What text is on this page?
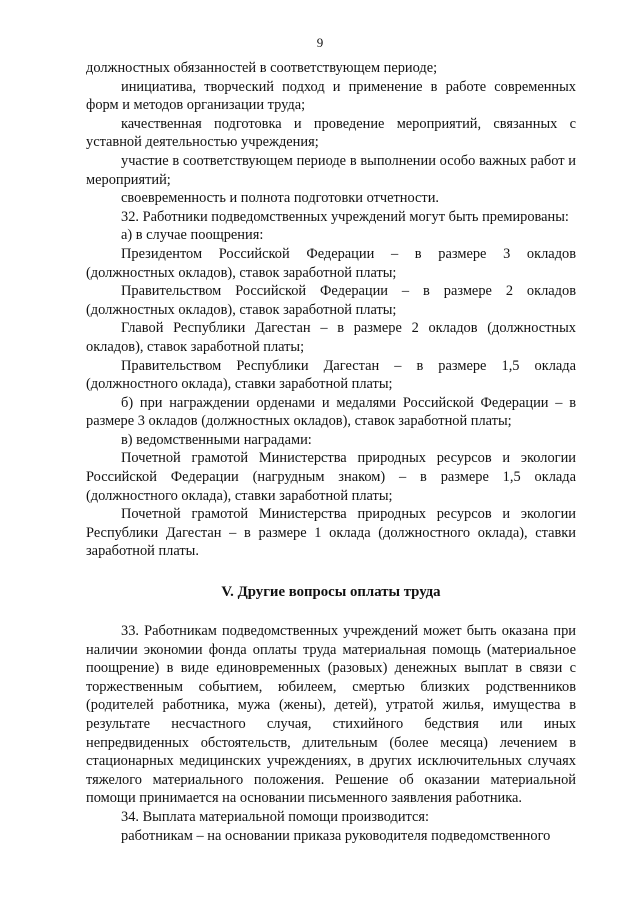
9

должностных обязанностей в соответствующем периоде;

инициатива, творческий подход и применение в работе современных форм и методов организации труда;

качественная подготовка и проведение мероприятий, связанных с уставной деятельностью учреждения;

участие в соответствующем периоде в выполнении особо важных работ и мероприятий;

своевременность и полнота подготовки отчетности.

32. Работники подведомственных учреждений могут быть премированы:

а) в случае поощрения:

Президентом Российской Федерации – в размере 3 окладов (должностных окладов), ставок заработной платы;

Правительством Российской Федерации – в размере 2 окладов (должностных окладов), ставок заработной платы;

Главой Республики Дагестан – в размере 2 окладов (должностных окладов), ставок заработной платы;

Правительством Республики Дагестан – в размере 1,5 оклада (должностного оклада), ставки заработной платы;

б) при награждении орденами и медалями Российской Федерации – в размере 3 окладов (должностных окладов), ставок заработной платы;

в) ведомственными наградами:

Почетной грамотой Министерства природных ресурсов и экологии Российской Федерации (нагрудным знаком) – в размере 1,5 оклада (должностного оклада), ставки заработной платы;

Почетной грамотой Министерства природных ресурсов и экологии Республики Дагестан – в размере 1 оклада (должностного оклада), ставки заработной платы.

V. Другие вопросы оплаты труда

33. Работникам подведомственных учреждений может быть оказана при наличии экономии фонда оплаты труда материальная помощь (материальное поощрение) в виде единовременных (разовых) денежных выплат в связи с торжественным событием, юбилеем, смертью близких родственников (родителей работника, мужа (жены), детей), утратой жилья, имущества в результате несчастного случая, стихийного бедствия или иных непредвиденных обстоятельств, длительным (более месяца) лечением в стационарных медицинских учреждениях, в других исключительных случаях тяжелого материального положения. Решение об оказании материальной помощи принимается на основании письменного заявления работника.

34. Выплата материальной помощи производится:

работникам – на основании приказа руководителя подведомственного
